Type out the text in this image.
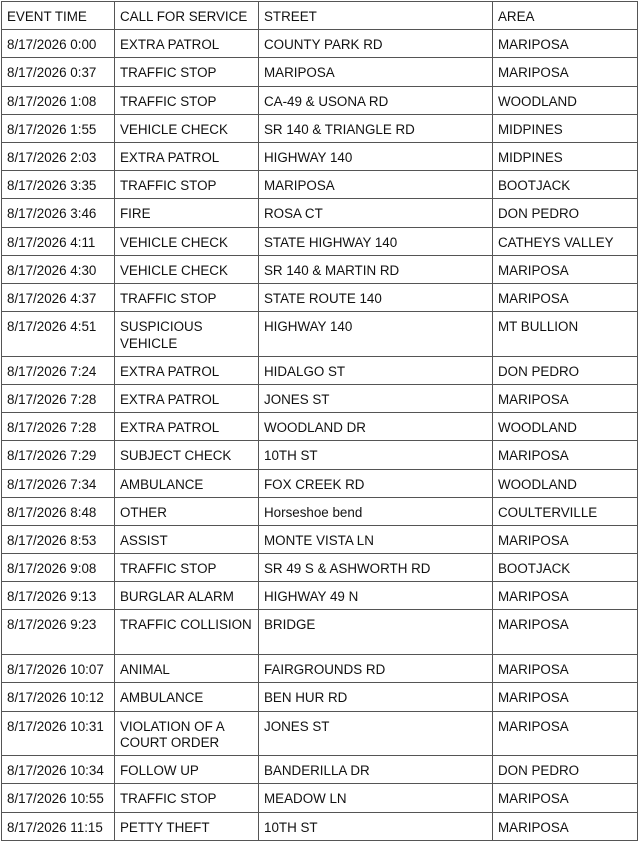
EVENT TIME	CALL FOR SERVICE	STREET	AREA
8/17/2026 0:00	EXTRA PATROL	COUNTY PARK RD	MARIPOSA
8/17/2026 0:37	TRAFFIC STOP	MARIPOSA	MARIPOSA
8/17/2026 1:08	TRAFFIC STOP	CA-49 & USONA RD	WOODLAND
8/17/2026 1:55	VEHICLE CHECK	SR 140 & TRIANGLE RD	MIDPINES
8/17/2026 2:03	EXTRA PATROL	HIGHWAY 140	MIDPINES
8/17/2026 3:35	TRAFFIC STOP	MARIPOSA	BOOTJACK
8/17/2026 3:46	FIRE	ROSA CT	DON PEDRO
8/17/2026 4:11	VEHICLE CHECK	STATE HIGHWAY 140	CATHEYS VALLEY
8/17/2026 4:30	VEHICLE CHECK	SR 140 & MARTIN RD	MARIPOSA
8/17/2026 4:37	TRAFFIC STOP	STATE ROUTE 140	MARIPOSA
8/17/2026 4:51	SUSPICIOUS VEHICLE	HIGHWAY 140	MT BULLION
8/17/2026 7:24	EXTRA PATROL	HIDALGO ST	DON PEDRO
8/17/2026 7:28	EXTRA PATROL	JONES ST	MARIPOSA
8/17/2026 7:28	EXTRA PATROL	WOODLAND DR	WOODLAND
8/17/2026 7:29	SUBJECT CHECK	10TH ST	MARIPOSA
8/17/2026 7:34	AMBULANCE	FOX CREEK RD	WOODLAND
8/17/2026 8:48	OTHER	Horseshoe bend	COULTERVILLE
8/17/2026 8:53	ASSIST	MONTE VISTA LN	MARIPOSA
8/17/2026 9:08	TRAFFIC STOP	SR 49 S & ASHWORTH RD	BOOTJACK
8/17/2026 9:13	BURGLAR ALARM	HIGHWAY 49 N	MARIPOSA
8/17/2026 9:23	TRAFFIC COLLISION	BRIDGE	MARIPOSA
8/17/2026 10:07	ANIMAL	FAIRGROUNDS RD	MARIPOSA
8/17/2026 10:12	AMBULANCE	BEN HUR RD	MARIPOSA
8/17/2026 10:31	VIOLATION OF A COURT ORDER	JONES ST	MARIPOSA
8/17/2026 10:34	FOLLOW UP	BANDERILLA DR	DON PEDRO
8/17/2026 10:55	TRAFFIC STOP	MEADOW LN	MARIPOSA
8/17/2026 11:15	PETTY THEFT	10TH ST	MARIPOSA
